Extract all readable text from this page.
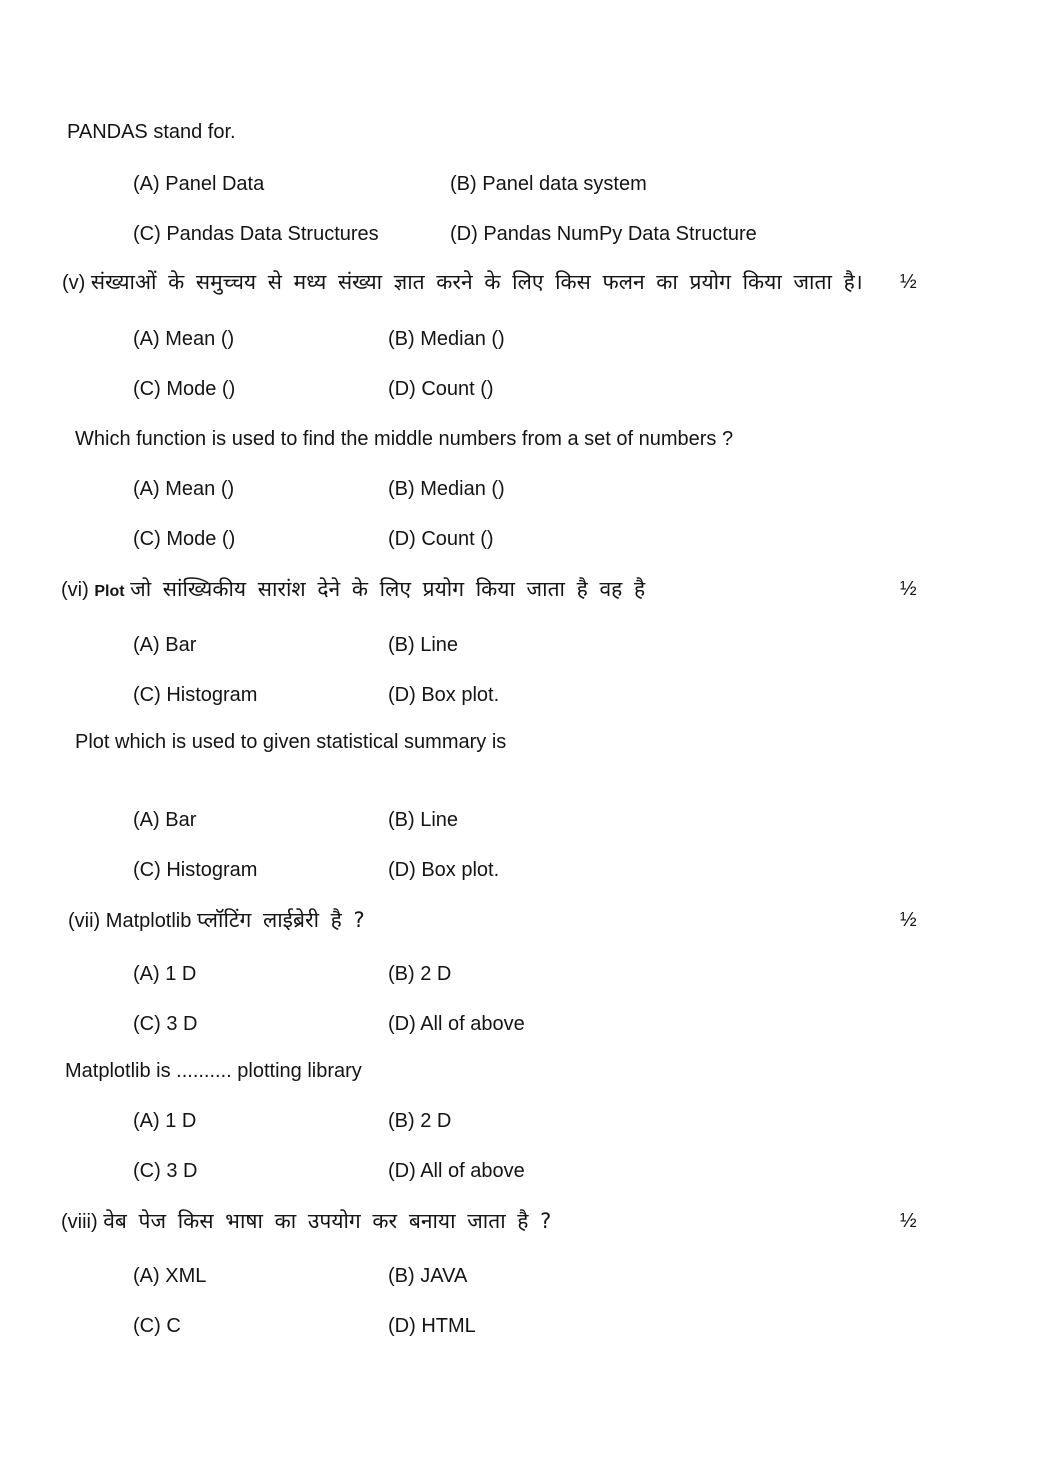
PANDAS stand for.
(A) Panel Data	(B) Panel data system
(C) Pandas Data Structures	(D) Pandas NumPy Data Structure
(v) संख्याओं के समुच्चय से मध्य संख्या ज्ञात करने के लिए किस फलन का प्रयोग किया जाता है। ½
(A) Mean ()	(B) Median ()
(C) Mode ()	(D) Count ()
Which function is used to find the middle numbers from a set of numbers ?
(A) Mean ()	(B) Median ()
(C) Mode ()	(D) Count ()
(vi) Plot जो सांख्यिकीय सारांश देने के लिए प्रयोग किया जाता है वह है	½
(A) Bar	(B) Line
(C) Histogram	(D) Box plot.
Plot which is used to given statistical summary is
(A) Bar	(B) Line
(C) Histogram	(D) Box plot.
(vii) Matplotlib प्लॉटिंग लाईब्रेरी है ?	½
(A) 1 D	(B) 2 D
(C) 3 D	(D) All of above
Matplotlib is .......... plotting library
(A) 1 D	(B) 2 D
(C) 3 D	(D) All of above
(viii) वेब पेज किस भाषा का उपयोग कर बनाया जाता है ?	½
(A) XML	(B) JAVA
(C) C	(D) HTML
